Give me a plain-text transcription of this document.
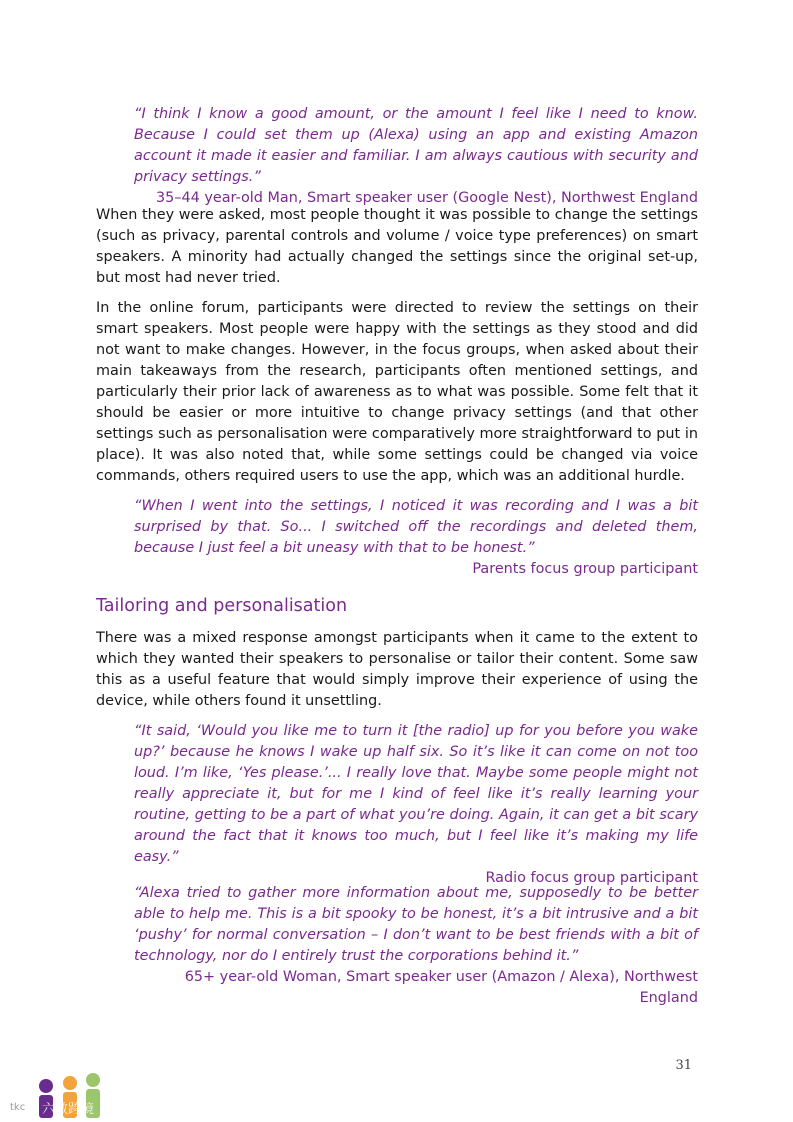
“I think I know a good amount, or the amount I feel like I need to know. Because I could set them up (Alexa) using an app and existing Amazon account it made it easier and familiar. I am always cautious with security and privacy settings.”

35–44 year-old Man, Smart speaker user (Google Nest), Northwest England

When they were asked, most people thought it was possible to change the settings (such as privacy, parental controls and volume / voice type preferences) on smart speakers. A minority had actually changed the settings since the original set-up, but most had never tried.

In the online forum, participants were directed to review the settings on their smart speakers. Most people were happy with the settings as they stood and did not want to make changes. However, in the focus groups, when asked about their main takeaways from the research, participants often mentioned settings, and particularly their prior lack of awareness as to what was possible. Some felt that it should be easier or more intuitive to change privacy settings (and that other settings such as personalisation were comparatively more straightforward to put in place). It was also noted that, while some settings could be changed via voice commands, others required users to use the app, which was an additional hurdle.

“When I went into the settings, I noticed it was recording and I was a bit surprised by that. So... I switched off the recordings and deleted them, because I just feel a bit uneasy with that to be honest.”

Parents focus group participant

Tailoring and personalisation

There was a mixed response amongst participants when it came to the extent to which they wanted their speakers to personalise or tailor their content. Some saw this as a useful feature that would simply improve their experience of using the device, while others found it unsettling.

“It said, ‘Would you like me to turn it [the radio] up for you before you wake up?’ because he knows I wake up half six. So it’s like it can come on not too loud. I’m like, ‘Yes please.’... I really love that. Maybe some people might not really appreciate it, but for me I kind of feel like it’s really learning your routine, getting to be a part of what you’re doing. Again, it can get a bit scary around the fact that it knows too much, but I feel like it’s making my life easy.”

Radio focus group participant

“Alexa tried to gather more information about me, supposedly to be better able to help me. This is a bit spooky to be honest, it’s a bit intrusive and a bit ‘pushy’ for normal conversation – I don’t want to be best friends with a bit of technology, nor do I entirely trust the corporations behind it.”

65+ year-old Woman, Smart speaker user (Amazon / Alexa), Northwest England

31
tkc 六數跨境
